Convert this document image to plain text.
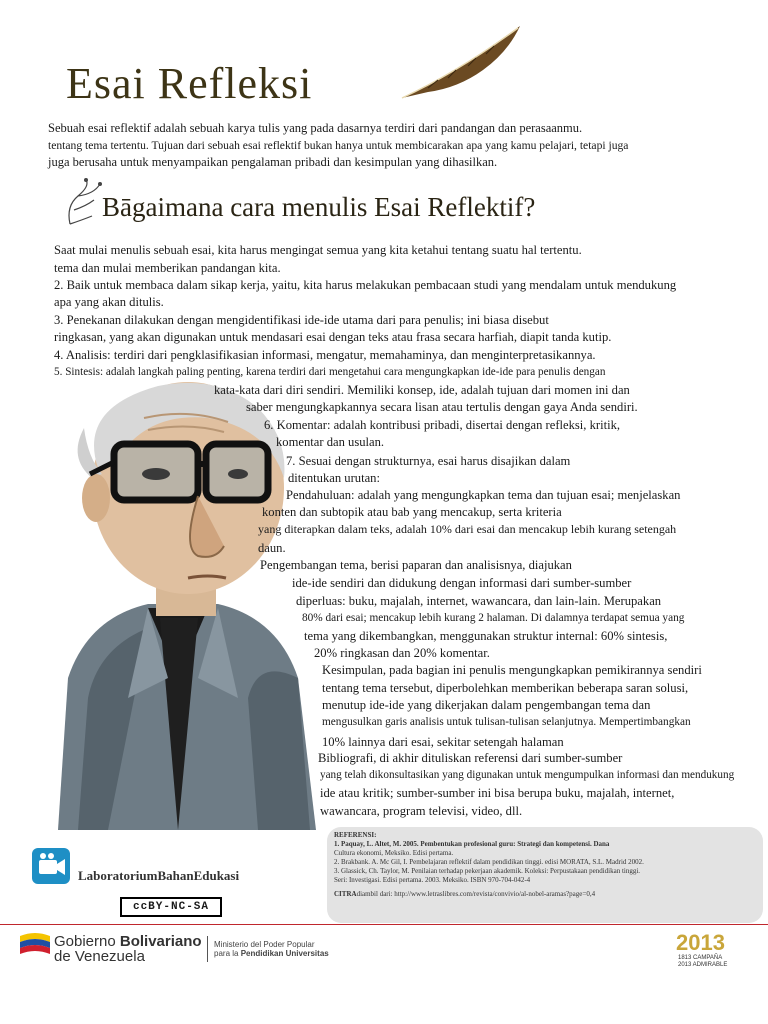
Esai Refleksi
Sebuah esai reflektif adalah sebuah karya tulis yang pada dasarnya terdiri dari pandangan dan perasaanmu.
tentang tema tertentu. Tujuan dari sebuah esai reflektif bukan hanya untuk membicarakan apa yang kamu pelajari, tetapi juga
juga berusaha untuk menyampaikan pengalaman pribadi dan kesimpulan yang dihasilkan.
Bāgaimana cara menulis Esai Reflektif?
Saat mulai menulis sebuah esai, kita harus mengingat semua yang kita ketahui tentang suatu hal tertentu.
tema dan mulai memberikan pandangan kita.
2. Baik untuk membaca dalam sikap kerja, yaitu, kita harus melakukan pembacaan studi yang mendalam untuk mendukung
apa yang akan ditulis.
3. Penekanan dilakukan dengan mengidentifikasi ide-ide utama dari para penulis; ini biasa disebut
ringkasan, yang akan digunakan untuk mendasari esai dengan teks atau frasa secara harfiah, diapit tanda kutip.
4. Analisis: terdiri dari pengklasifikasian informasi, mengatur, memahaminya, dan menginterpretasikannya.
5. Sintesis: adalah langkah paling penting, karena terdiri dari mengetahui cara mengungkapkan ide-ide para penulis dengan
kata-kata dari diri sendiri. Memiliki konsep, ide, adalah tujuan dari momen ini dan
saber mengungkapkannya secara lisan atau tertulis dengan gaya Anda sendiri.
6. Komentar: adalah kontribusi pribadi, disertai dengan refleksi, kritik,
komentar dan usulan.
7. Sesuai dengan strukturnya, esai harus disajikan dalam
ditentukan urutan:
Pendahuluan: adalah yang mengungkapkan tema dan tujuan esai; menjelaskan
konten dan subtopik atau bab yang mencakup, serta kriteria
yang diterapkan dalam teks, adalah 10% dari esai dan mencakup lebih kurang setengah
daun.
Pengembangan tema, berisi paparan dan analisisnya, diajukan
ide-ide sendiri dan didukung dengan informasi dari sumber-sumber
diperluas: buku, majalah, internet, wawancara, dan lain-lain. Merupakan
80% dari esai; mencakup lebih kurang 2 halaman. Di dalamnya terdapat semua yang
tema yang dikembangkan, menggunakan struktur internal: 60% sintesis,
20% ringkasan dan 20% komentar.
Kesimpulan, pada bagian ini penulis mengungkapkan pemikirannya sendiri
tentang tema tersebut, diperbolehkan memberikan beberapa saran solusi,
menutup ide-ide yang dikerjakan dalam pengembangan tema dan
mengusulkan garis analisis untuk tulisan-tulisan selanjutnya. Mempertimbangkan
10% lainnya dari esai, sekitar setengah halaman
Bibliografi, di akhir dituliskan referensi dari sumber-sumber
yang telah dikonsultasikan yang digunakan untuk mengumpulkan informasi dan mendukung
ide atau kritik; sumber-sumber ini bisa berupa buku, majalah, internet,
wawancara, program televisi, video, dll.
REFERENSI:
1. Paquay, L. Altet, M. 2005. Pembentukan profesional guru: Strategi dan kompetensi. Dana
Cultura ekonomi, Meksiko. Edisi pertama.
2. Brakbank. A. Mc Gil, I. Pembelajaran reflektif dalam pendidikan tinggi. edisi MORATA, S.L. Madrid 2002.
3. Glassick, Ch. Taylor, M. Penilaian terhadap pekerjaan akademik. Koleksi: Perpustakaan pendidikan tinggi.
Seri: Investigasi. Edisi pertama. 2003. Meksiko. ISBN 970-704-042-4
CITRAdiambil dari: http://www.letraslibres.com/revista/convivio/al-nobel-aramas?page=0,4
LaboratoriumBahanEdukasi
ccBY-NC-SA
Gobierno Bolivariano
de Venezuela
Ministerio del Poder Popular
para la Pendidikan Universitas	2013
1813 CAMPAÑA
2013 ADMIRABLE
